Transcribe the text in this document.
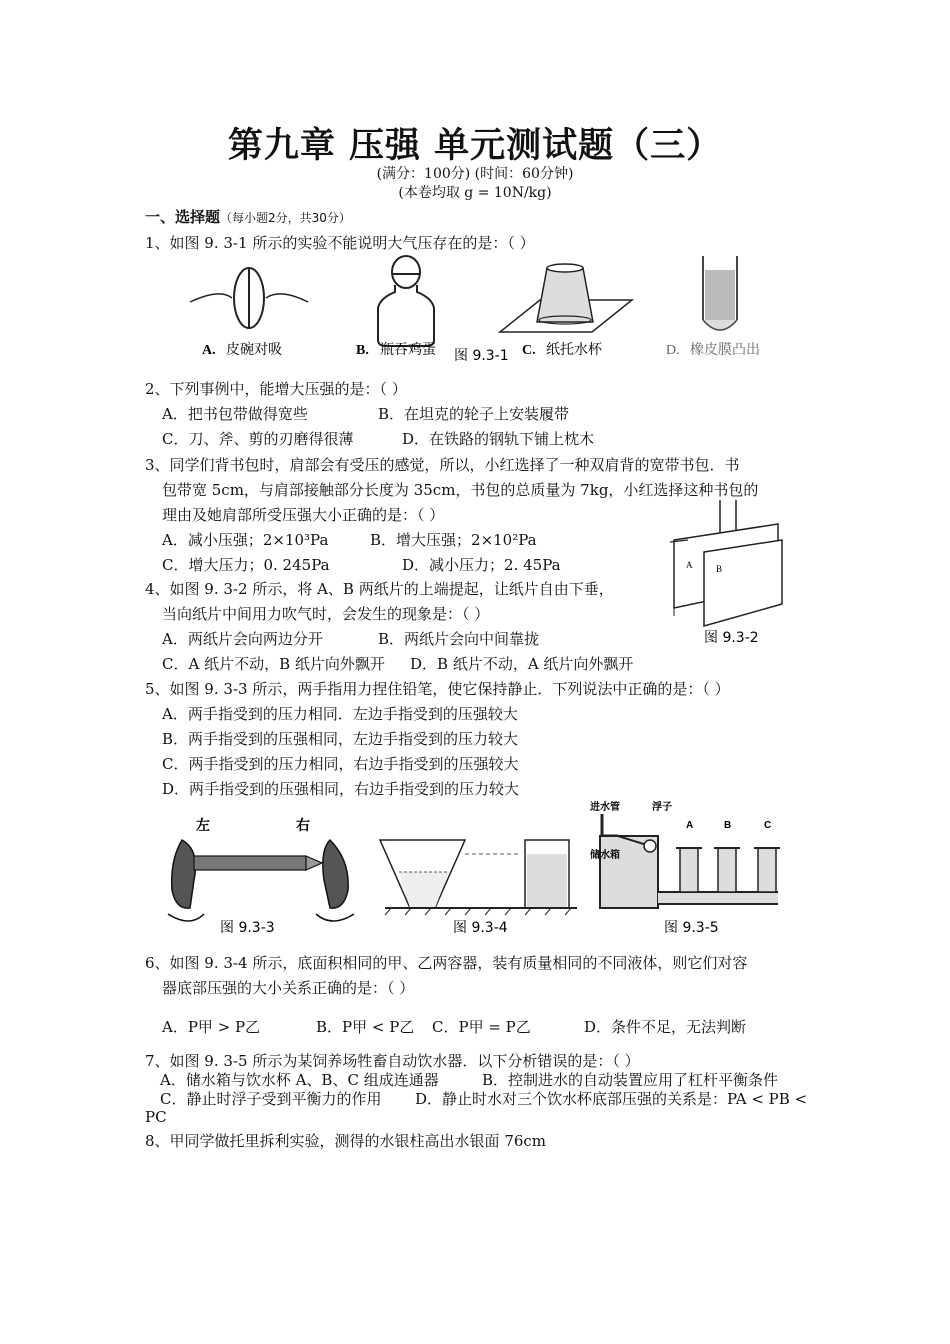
第九章 压强 单元测试题（三）
(满分：100分) (时间：60分钟)
(本卷均取 g = 10N/kg)
一、选择题（每小题2分，共30分）
1、如图 9. 3-1 所示的实验不能说明大气压存在的是：（ ）
A. 皮碗对吸	B. 瓶吞鸡蛋 图 9.3-1 C. 纸托水杯	D. 橡皮膜凸出
2、下列事例中，能增大压强的是：（ ）
A．把书包带做得宽些	B．在坦克的轮子上安装履带
C．刀、斧、剪的刃磨得很薄	D．在铁路的钢轨下铺上枕木
3、同学们背书包时，肩部会有受压的感觉，所以，小红选择了一种双肩背的宽带书包．书
包带宽 5cm，与肩部接触部分长度为 35cm，书包的总质量为 7kg，小红选择这种书包的
理由及她肩部所受压强大小正确的是：（ ）
A．减小压强；2×10³Pa	B．增大压强；2×10²Pa
C．增大压力；0. 245Pa	D．减小压力；2. 45Pa	A	B
图 9.3-2
4、如图 9. 3-2 所示，将 A、B 两纸片的上端提起，让纸片自由下垂，
当向纸片中间用力吹气时，会发生的现象是：（ ）
A．两纸片会向两边分开	B．两纸片会向中间靠拢
C．A 纸片不动，B 纸片向外飘开 D．B 纸片不动，A 纸片向外飘开
5、如图 9. 3-3 所示，两手指用力捏住铅笔，使它保持静止．下列说法中正确的是：（ ）
A．两手指受到的压力相同．左边手指受到的压强较大
B．两手指受到的压强相同，左边手指受到的压力较大
C．两手指受到的压力相同，右边手指受到的压强较大
D．两手指受到的压强相同，右边手指受到的压力较大
左	右
图 9.3-3	图 9.3-4
进水管	浮子
A	B	C
储水箱
图 9.3-5
6、如图 9. 3-4 所示，底面积相同的甲、乙两容器，装有质量相同的不同液体，则它们对容
器底部压强的大小关系正确的是：（ ）
A．P甲 > P乙	B．P甲 < P乙 C．P甲 = P乙	D．条件不足，无法判断
7、如图 9. 3-5 所示为某饲养场牲畜自动饮水器．以下分析错误的是：（ ）
A．储水箱与饮水杯 A、B、C 组成连通器	B．控制进水的自动装置应用了杠杆平衡条件
C．静止时浮子受到平衡力的作用 D．静止时水对三个饮水杯底部压强的关系是：PA < PB <
PC
8、甲同学做托里拆利实验，测得的水银柱高出水银面 76cm
